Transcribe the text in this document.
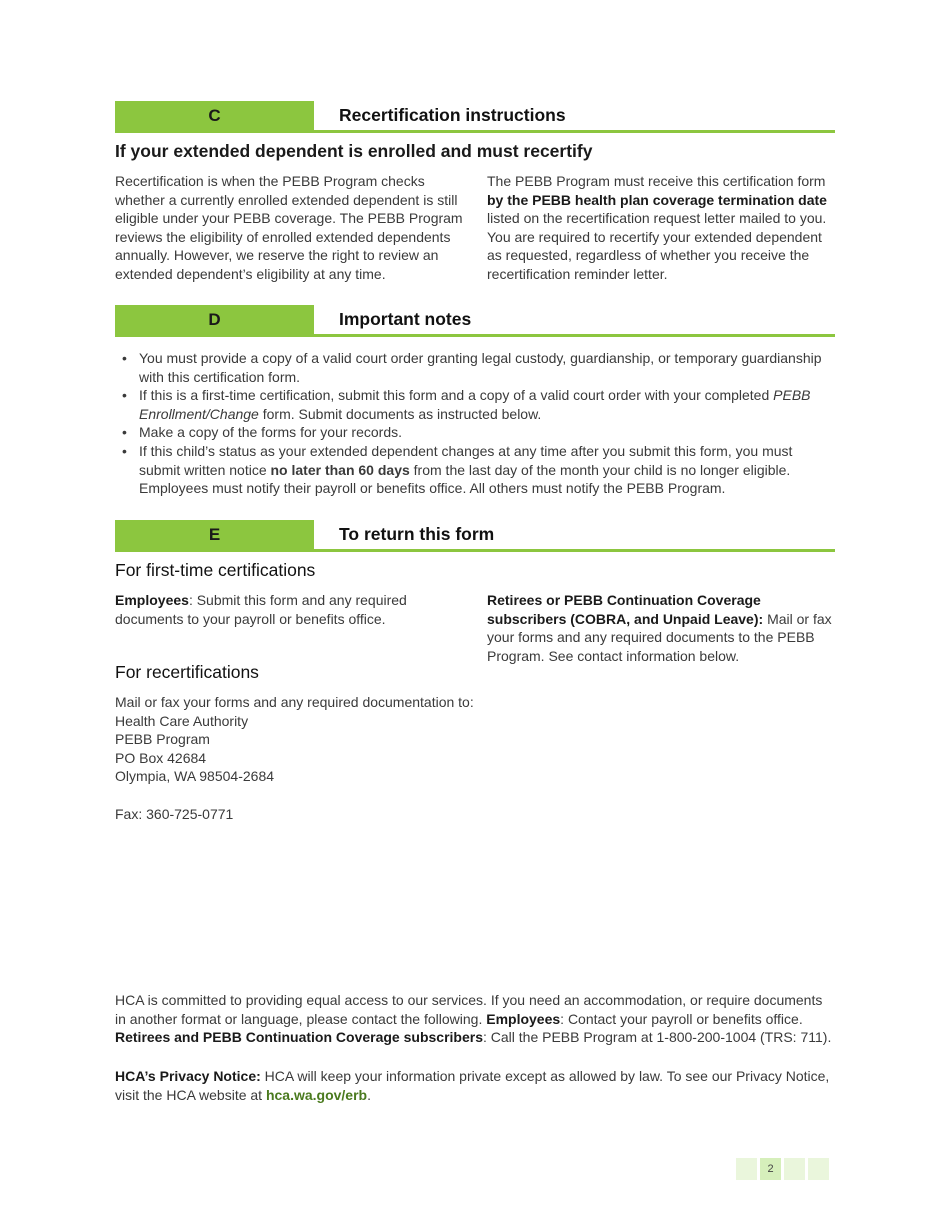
C	Recertification instructions
If your extended dependent is enrolled and must recertify
Recertification is when the PEBB Program checks whether a currently enrolled extended dependent is still eligible under your PEBB coverage. The PEBB Program reviews the eligibility of enrolled extended dependents annually. However, we reserve the right to review an extended dependent’s eligibility at any time.
The PEBB Program must receive this certification form by the PEBB health plan coverage termination date listed on the recertification request letter mailed to you. You are required to recertify your extended dependent as requested, regardless of whether you receive the recertification reminder letter.
D	Important notes
• You must provide a copy of a valid court order granting legal custody, guardianship, or temporary guardianship with this certification form.
• If this is a first-time certification, submit this form and a copy of a valid court order with your completed PEBB Enrollment/Change form. Submit documents as instructed below.
• Make a copy of the forms for your records.
• If this child’s status as your extended dependent changes at any time after you submit this form, you must submit written notice no later than 60 days from the last day of the month your child is no longer eligible. Employees must notify their payroll or benefits office. All others must notify the PEBB Program.
E	To return this form
For first-time certifications
Employees: Submit this form and any required documents to your payroll or benefits office.
Retirees or PEBB Continuation Coverage subscribers (COBRA, and Unpaid Leave): Mail or fax your forms and any required documents to the PEBB Program. See contact information below.
For recertifications
Mail or fax your forms and any required documentation to:
Health Care Authority
PEBB Program
PO Box 42684
Olympia, WA 98504-2684
Fax: 360-725-0771
HCA is committed to providing equal access to our services. If you need an accommodation, or require documents in another format or language, please contact the following. Employees: Contact your payroll or benefits office. Retirees and PEBB Continuation Coverage subscribers: Call the PEBB Program at 1-800-200-1004 (TRS: 711).
HCA’s Privacy Notice: HCA will keep your information private except as allowed by law. To see our Privacy Notice, visit the HCA website at hca.wa.gov/erb.
2
